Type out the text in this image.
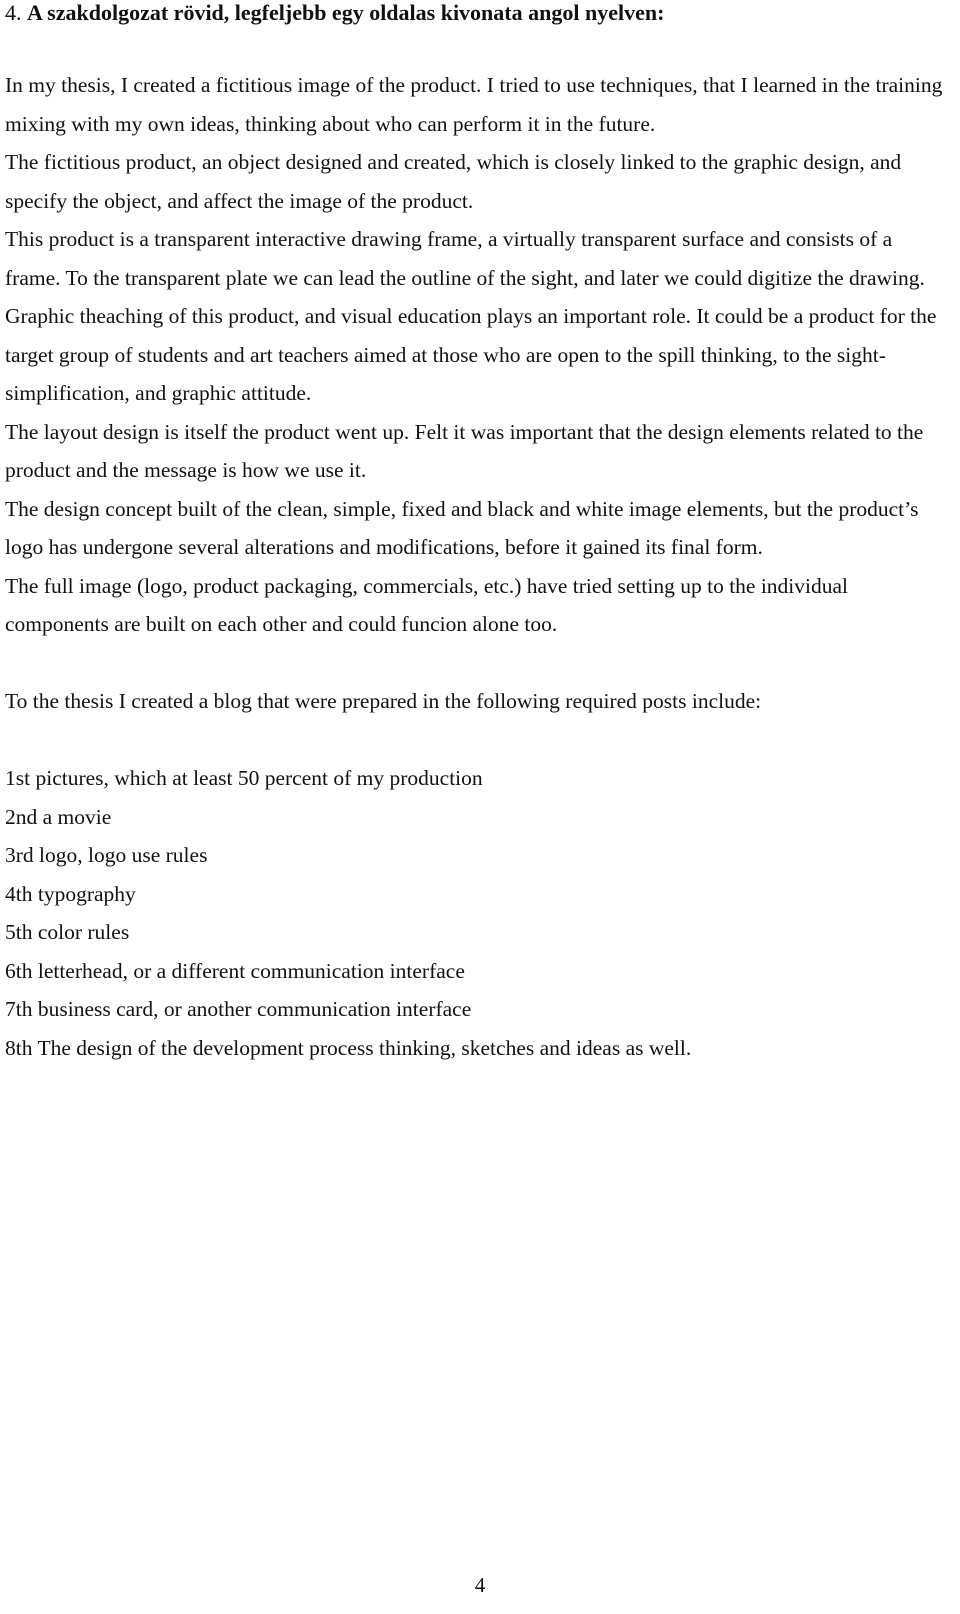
4. A szakdolgozat rövid, legfeljebb egy oldalas kivonata angol nyelven:

In my thesis, I created a fictitious image of the product. I tried to use techniques, that I learned in the training mixing with my own ideas, thinking about who can perform it in the future.

The fictitious product, an object designed and created, which is closely linked to the graphic design, and specify the object, and affect the image of the product.

This product is a transparent interactive drawing frame, a virtually transparent surface and consists of a frame. To the transparent plate we can lead the outline of the sight, and later we could digitize the drawing.

Graphic theaching of this product, and visual education plays an important role. It could be a product for the target group of students and art teachers aimed at those who are open to the spill thinking, to the sight-simplification, and graphic attitude.

The layout design is itself the product went up. Felt it was important that the design elements related to the product and the message is how we use it.

The design concept built of the clean, simple, fixed and black and white image elements, but the product’s logo has undergone several alterations and modifications, before it gained its final form.

The full image (logo, product packaging, commercials, etc.) have tried setting up to the individual components are built on each other and could funcion alone too.

To the thesis I created a blog that were prepared in the following required posts include:

1st pictures, which at least 50 percent of my production
2nd a movie
3rd logo, logo use rules
4th typography
5th color rules
6th letterhead, or a different communication interface
7th business card, or another communication interface
8th The design of the development process thinking, sketches and ideas as well.
4
